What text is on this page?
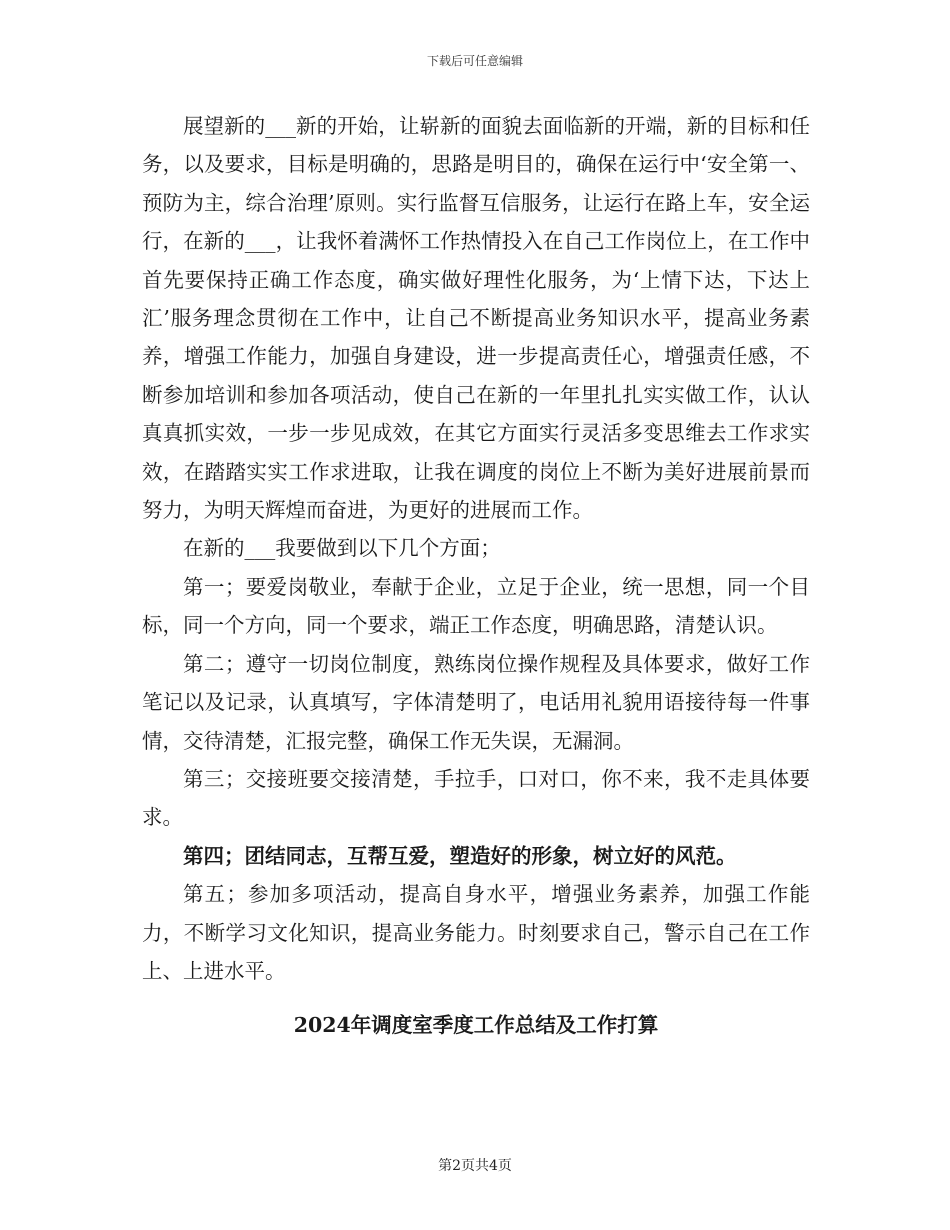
下载后可任意编辑

展望新的___新的开始，让崭新的面貌去面临新的开端，新的目标和任务，以及要求，目标是明确的，思路是明目的，确保在运行中‘安全第一、预防为主，综合治理’原则。实行监督互信服务，让运行在路上车，安全运行，在新的___，让我怀着满怀工作热情投入在自己工作岗位上，在工作中首先要保持正确工作态度，确实做好理性化服务，为‘上情下达，下达上汇’服务理念贯彻在工作中，让自己不断提高业务知识水平，提高业务素养，增强工作能力，加强自身建设，进一步提高责任心，增强责任感，不断参加培训和参加各项活动，使自己在新的一年里扎扎实实做工作，认认真真抓实效，一步一步见成效，在其它方面实行灵活多变思维去工作求实效，在踏踏实实工作求进取，让我在调度的岗位上不断为美好进展前景而努力，为明天辉煌而奋进，为更好的进展而工作。

在新的___我要做到以下几个方面；

第一；要爱岗敬业，奉献于企业，立足于企业，统一思想，同一个目标，同一个方向，同一个要求，端正工作态度，明确思路，清楚认识。

第二；遵守一切岗位制度，熟练岗位操作规程及具体要求，做好工作笔记以及记录，认真填写，字体清楚明了，电话用礼貌用语接待每一件事情，交待清楚，汇报完整，确保工作无失误，无漏洞。

第三；交接班要交接清楚，手拉手，口对口，你不来，我不走具体要求。

第四；团结同志，互帮互爱，塑造好的形象，树立好的风范。

第五；参加多项活动，提高自身水平，增强业务素养，加强工作能力，不断学习文化知识，提高业务能力。时刻要求自己，警示自己在工作上、上进水平。

2024年调度室季度工作总结及工作打算

第2页共4页
